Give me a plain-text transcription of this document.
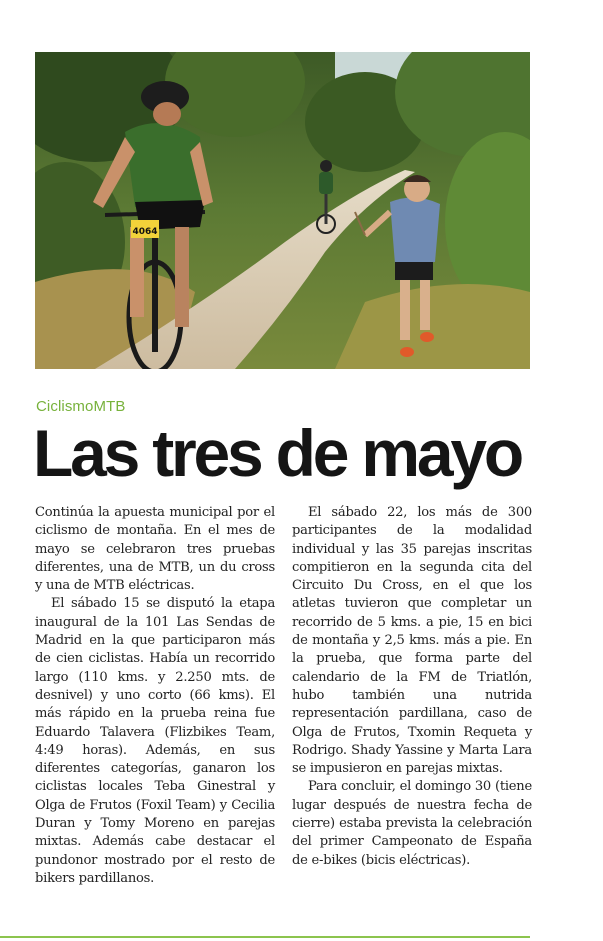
4064
CiclismoMTB
Las tres de mayo

Continúa la apuesta municipal por el ciclismo de montaña. En el mes de mayo se celebraron tres pruebas diferentes, una de MTB, un du cross y una de MTB eléctricas.

El sábado 15 se disputó la etapa inaugural de la 101 Las Sendas de Madrid en la que participaron más de cien ciclistas. Había un recorrido largo (110 kms. y 2.250 mts. de desnivel) y uno corto (66 kms). El más rápido en la prueba reina fue Eduardo Talavera (Flizbikes Team, 4:49 horas). Además, en sus diferentes categorías, ganaron los ciclistas locales Teba Ginestral y Olga de Frutos (Foxil Team) y Cecilia Duran y Tomy Moreno en parejas mixtas. Además cabe destacar el pundonor mostrado por el resto de bikers pardillanos.

El sábado 22, los más de 300 participantes de la modalidad individual y las 35 parejas inscritas compitieron en la segunda cita del Circuito Du Cross, en el que los atletas tuvieron que completar un recorrido de 5 kms. a pie, 15 en bici de montaña y 2,5 kms. más a pie. En la prueba, que forma parte del calendario de la FM de Triatlón, hubo también una nutrida representación pardillana, caso de Olga de Frutos, Txomin Requeta y Rodrigo. Shady Yassine y Marta Lara se impusieron en parejas mixtas.

Para concluir, el domingo 30 (tiene lugar después de nuestra fecha de cierre) estaba prevista la celebración del primer Campeonato de España de e-bikes (bicis eléctricas).
